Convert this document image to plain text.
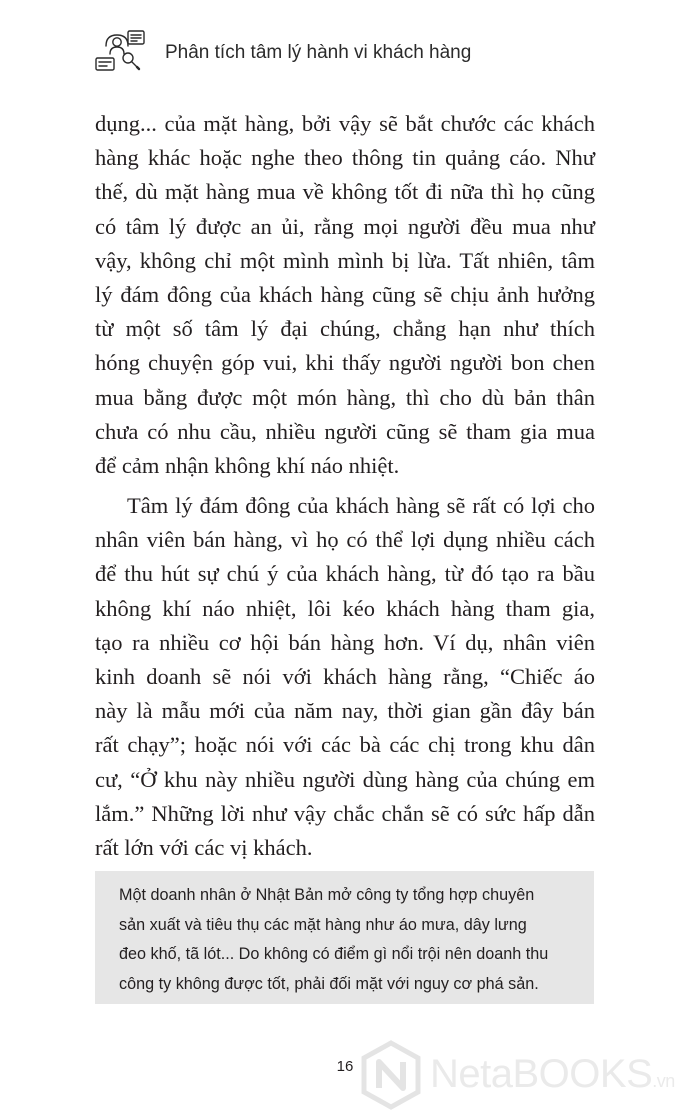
Phân tích tâm lý hành vi khách hàng
dụng... của mặt hàng, bởi vậy sẽ bắt chước các khách
hàng khác hoặc nghe theo thông tin quảng cáo. Như
thế, dù mặt hàng mua về không tốt đi nữa thì họ cũng
có tâm lý được an ủi, rằng mọi người đều mua như
vậy, không chỉ một mình mình bị lừa. Tất nhiên, tâm
lý đám đông của khách hàng cũng sẽ chịu ảnh hưởng
từ một số tâm lý đại chúng, chẳng hạn như thích
hóng chuyện góp vui, khi thấy người người bon chen
mua bằng được một món hàng, thì cho dù bản thân
chưa có nhu cầu, nhiều người cũng sẽ tham gia mua
để cảm nhận không khí náo nhiệt.
Tâm lý đám đông của khách hàng sẽ rất có lợi cho
nhân viên bán hàng, vì họ có thể lợi dụng nhiều cách
để thu hút sự chú ý của khách hàng, từ đó tạo ra bầu
không khí náo nhiệt, lôi kéo khách hàng tham gia,
tạo ra nhiều cơ hội bán hàng hơn. Ví dụ, nhân viên
kinh doanh sẽ nói với khách hàng rằng, “Chiếc áo
này là mẫu mới của năm nay, thời gian gần đây bán
rất chạy”; hoặc nói với các bà các chị trong khu dân
cư, “Ở khu này nhiều người dùng hàng của chúng em
lắm.” Những lời như vậy chắc chắn sẽ có sức hấp dẫn
rất lớn với các vị khách.
Một doanh nhân ở Nhật Bản mở công ty tổng hợp chuyên
sản xuất và tiêu thụ các mặt hàng như áo mưa, dây lưng
đeo khố, tã lót... Do không có điểm gì nổi trội nên doanh thu
công ty không được tốt, phải đối mặt với nguy cơ phá sản.
16 NetaBOOKS.vn
